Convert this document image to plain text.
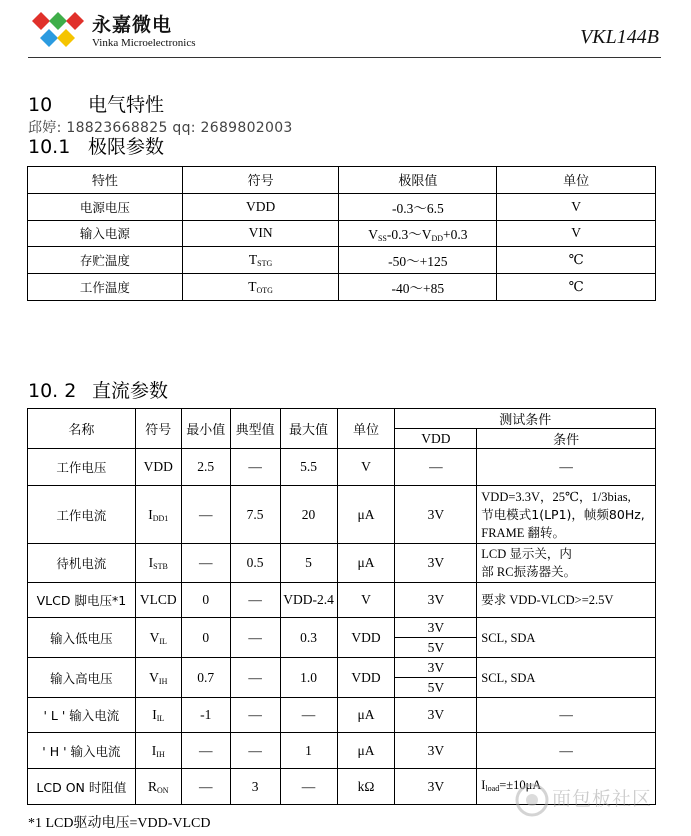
永嘉微电
Vinka Microelectronics	VKL144B
10 电气特性
邱婷: 18823668825 qq: 2689802003
10.1 极限参数
特性	符号	极限值	单位
电源电压	VDD	-0.3～6.5	V
输入电源	VIN	$V_{SS}-0.3\sim V_{DD}+0.3$	V
存贮温度	$T_{STG}$	-50～+125	℃
工作温度	$T_{OTG}$	-40～+85	℃
10. 2 直流参数
名称	符号	最小值	典型值	最大值	单位	测试条件	
						VDD	条件
工作电压	VDD	2.5	—	5.5	V	—	—
工作电流	$I_{DD1}$	—	7.5	20	μA	3V	VDD=3.3V，25℃，1/3bias,
节电模式1(LP1)，帧频80Hz,
FRAME 翻转。

待机电流	$I_{STB}$	—	0.5	5	μA	3V	LCD 显示关，内
部 RC振荡器关。

VLCD 脚电压*1	VLCD	0	—	VDD-2.4	V	3V	要求 VDD-VLCD>=2.5V
输入低电压	$V_{IL}$	0	—	0.3	VDD	3V	SCL, SDA
						5V	
输入高电压	$V_{IH}$	0.7	—	1.0	VDD	3V	SCL, SDA
						5V	
' L ' 输入电流	$I_{IL}$	-1	—	—	μA	3V	—
' H ' 输入电流	$I_{IH}$	—	—	1	μA	3V	—
LCD ON 时阻值	$R_{ON}$	—	3	—	kΩ	3V	$I_{load}=\pm 10\mu A$
*1 LCD驱动电压=VDD-VLCD
面包板社区
